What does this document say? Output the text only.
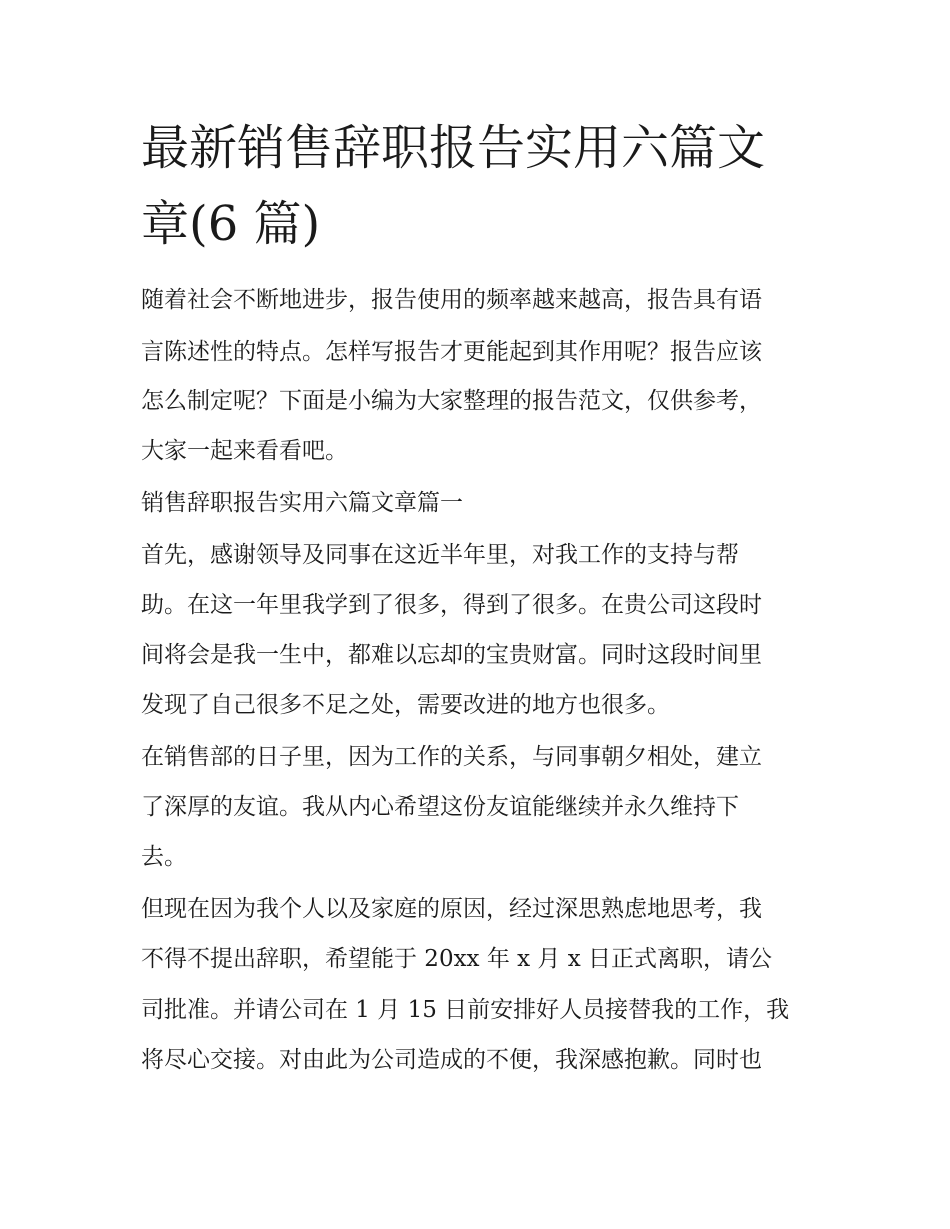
最新销售辞职报告实用六篇文
章(6 篇)

随着社会不断地进步，报告使用的频率越来越高，报告具有语

言陈述性的特点。怎样写报告才更能起到其作用呢？报告应该

怎么制定呢？下面是小编为大家整理的报告范文，仅供参考，

大家一起来看看吧。

销售辞职报告实用六篇文章篇一

首先，感谢领导及同事在这近半年里，对我工作的支持与帮

助。在这一年里我学到了很多，得到了很多。在贵公司这段时

间将会是我一生中，都难以忘却的宝贵财富。同时这段时间里

发现了自己很多不足之处，需要改进的地方也很多。

在销售部的日子里，因为工作的关系，与同事朝夕相处，建立

了深厚的友谊。我从内心希望这份友谊能继续并永久维持下

去。

但现在因为我个人以及家庭的原因，经过深思熟虑地思考，我

不得不提出辞职，希望能于 20xx 年 x 月 x 日正式离职，请公

司批准。并请公司在 1 月 15 日前安排好人员接替我的工作，我

将尽心交接。对由此为公司造成的不便，我深感抱歉。同时也
